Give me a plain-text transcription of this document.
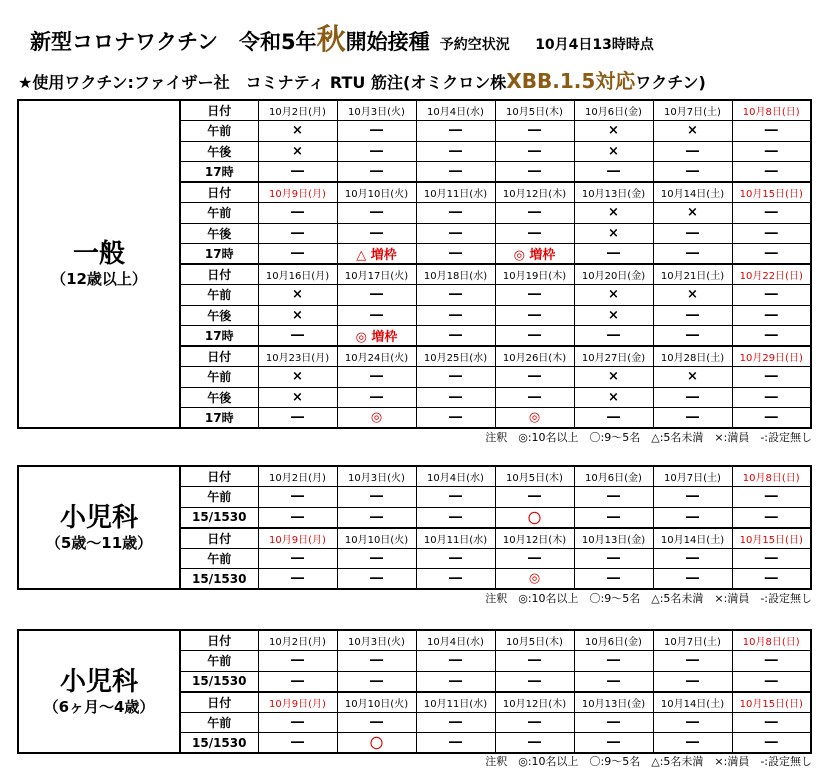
新型コロナワクチン　令和5年秋開始接種 予約空状況 10月4日13時時点
★使用ワクチン:ファイザー社　コミナティ RTU 筋注(オミクロン株XBB.1.5対応ワクチン)
一般
（12歳以上）	日付	10月2日(月)	10月3日(火)	10月4日(水)	10月5日(木)	10月6日(金)	10月7日(土)	10月8日(日)
	午前	×	―	―	―	×	×	―
	午後	×	―	―	―	×	―	―
	17時	―	―	―	―	―	―	―
	日付	10月9日(月)	10月10日(火)	10月11日(水)	10月12日(木)	10月13日(金)	10月14日(土)	10月15日(日)
	午前	―	―	―	―	×	×	―
	午後	―	―	―	―	×	―	―
	17時	―	△ 増枠	―	◎ 増枠	―	―	―
	日付	10月16日(月)	10月17日(火)	10月18日(水)	10月19日(木)	10月20日(金)	10月21日(土)	10月22日(日)
	午前	×	―	―	―	×	×	―
	午後	×	―	―	―	×	―	―
	17時	―	◎ 増枠	―	―	―	―	―
	日付	10月23日(月)	10月24日(火)	10月25日(水)	10月26日(木)	10月27日(金)	10月28日(土)	10月29日(日)
	午前	×	―	―	―	×	×	―
	午後	×	―	―	―	×	―	―
	17時	―	◎	―	◎	―	―	―
注釈　◎:10名以上　〇:9〜5名　△:5名未満　×:満員　-:設定無し
小児科
（5歳〜11歳）	日付	10月2日(月)	10月3日(火)	10月4日(水)	10月5日(木)	10月6日(金)	10月7日(土)	10月8日(日)
	午前	―	―	―	―	―	―	―
	15/1530	―	―	―	〇	―	―	―
	日付	10月9日(月)	10月10日(火)	10月11日(水)	10月12日(木)	10月13日(金)	10月14日(土)	10月15日(日)
	午前	―	―	―	―	―	―	―
	15/1530	―	―	―	◎	―	―	―
注釈　◎:10名以上　〇:9〜5名　△:5名未満　×:満員　-:設定無し
小児科
（6ヶ月〜4歳）	日付	10月2日(月)	10月3日(火)	10月4日(水)	10月5日(木)	10月6日(金)	10月7日(土)	10月8日(日)
	午前	―	―	―	―	―	―	―
	15/1530	―	―	―	―	―	―	―
	日付	10月9日(月)	10月10日(火)	10月11日(水)	10月12日(木)	10月13日(金)	10月14日(土)	10月15日(日)
	午前	―	―	―	―	―	―	―
	15/1530	―	〇	―	―	―	―	―
注釈　◎:10名以上　〇:9〜5名　△:5名未満　×:満員　-:設定無し
